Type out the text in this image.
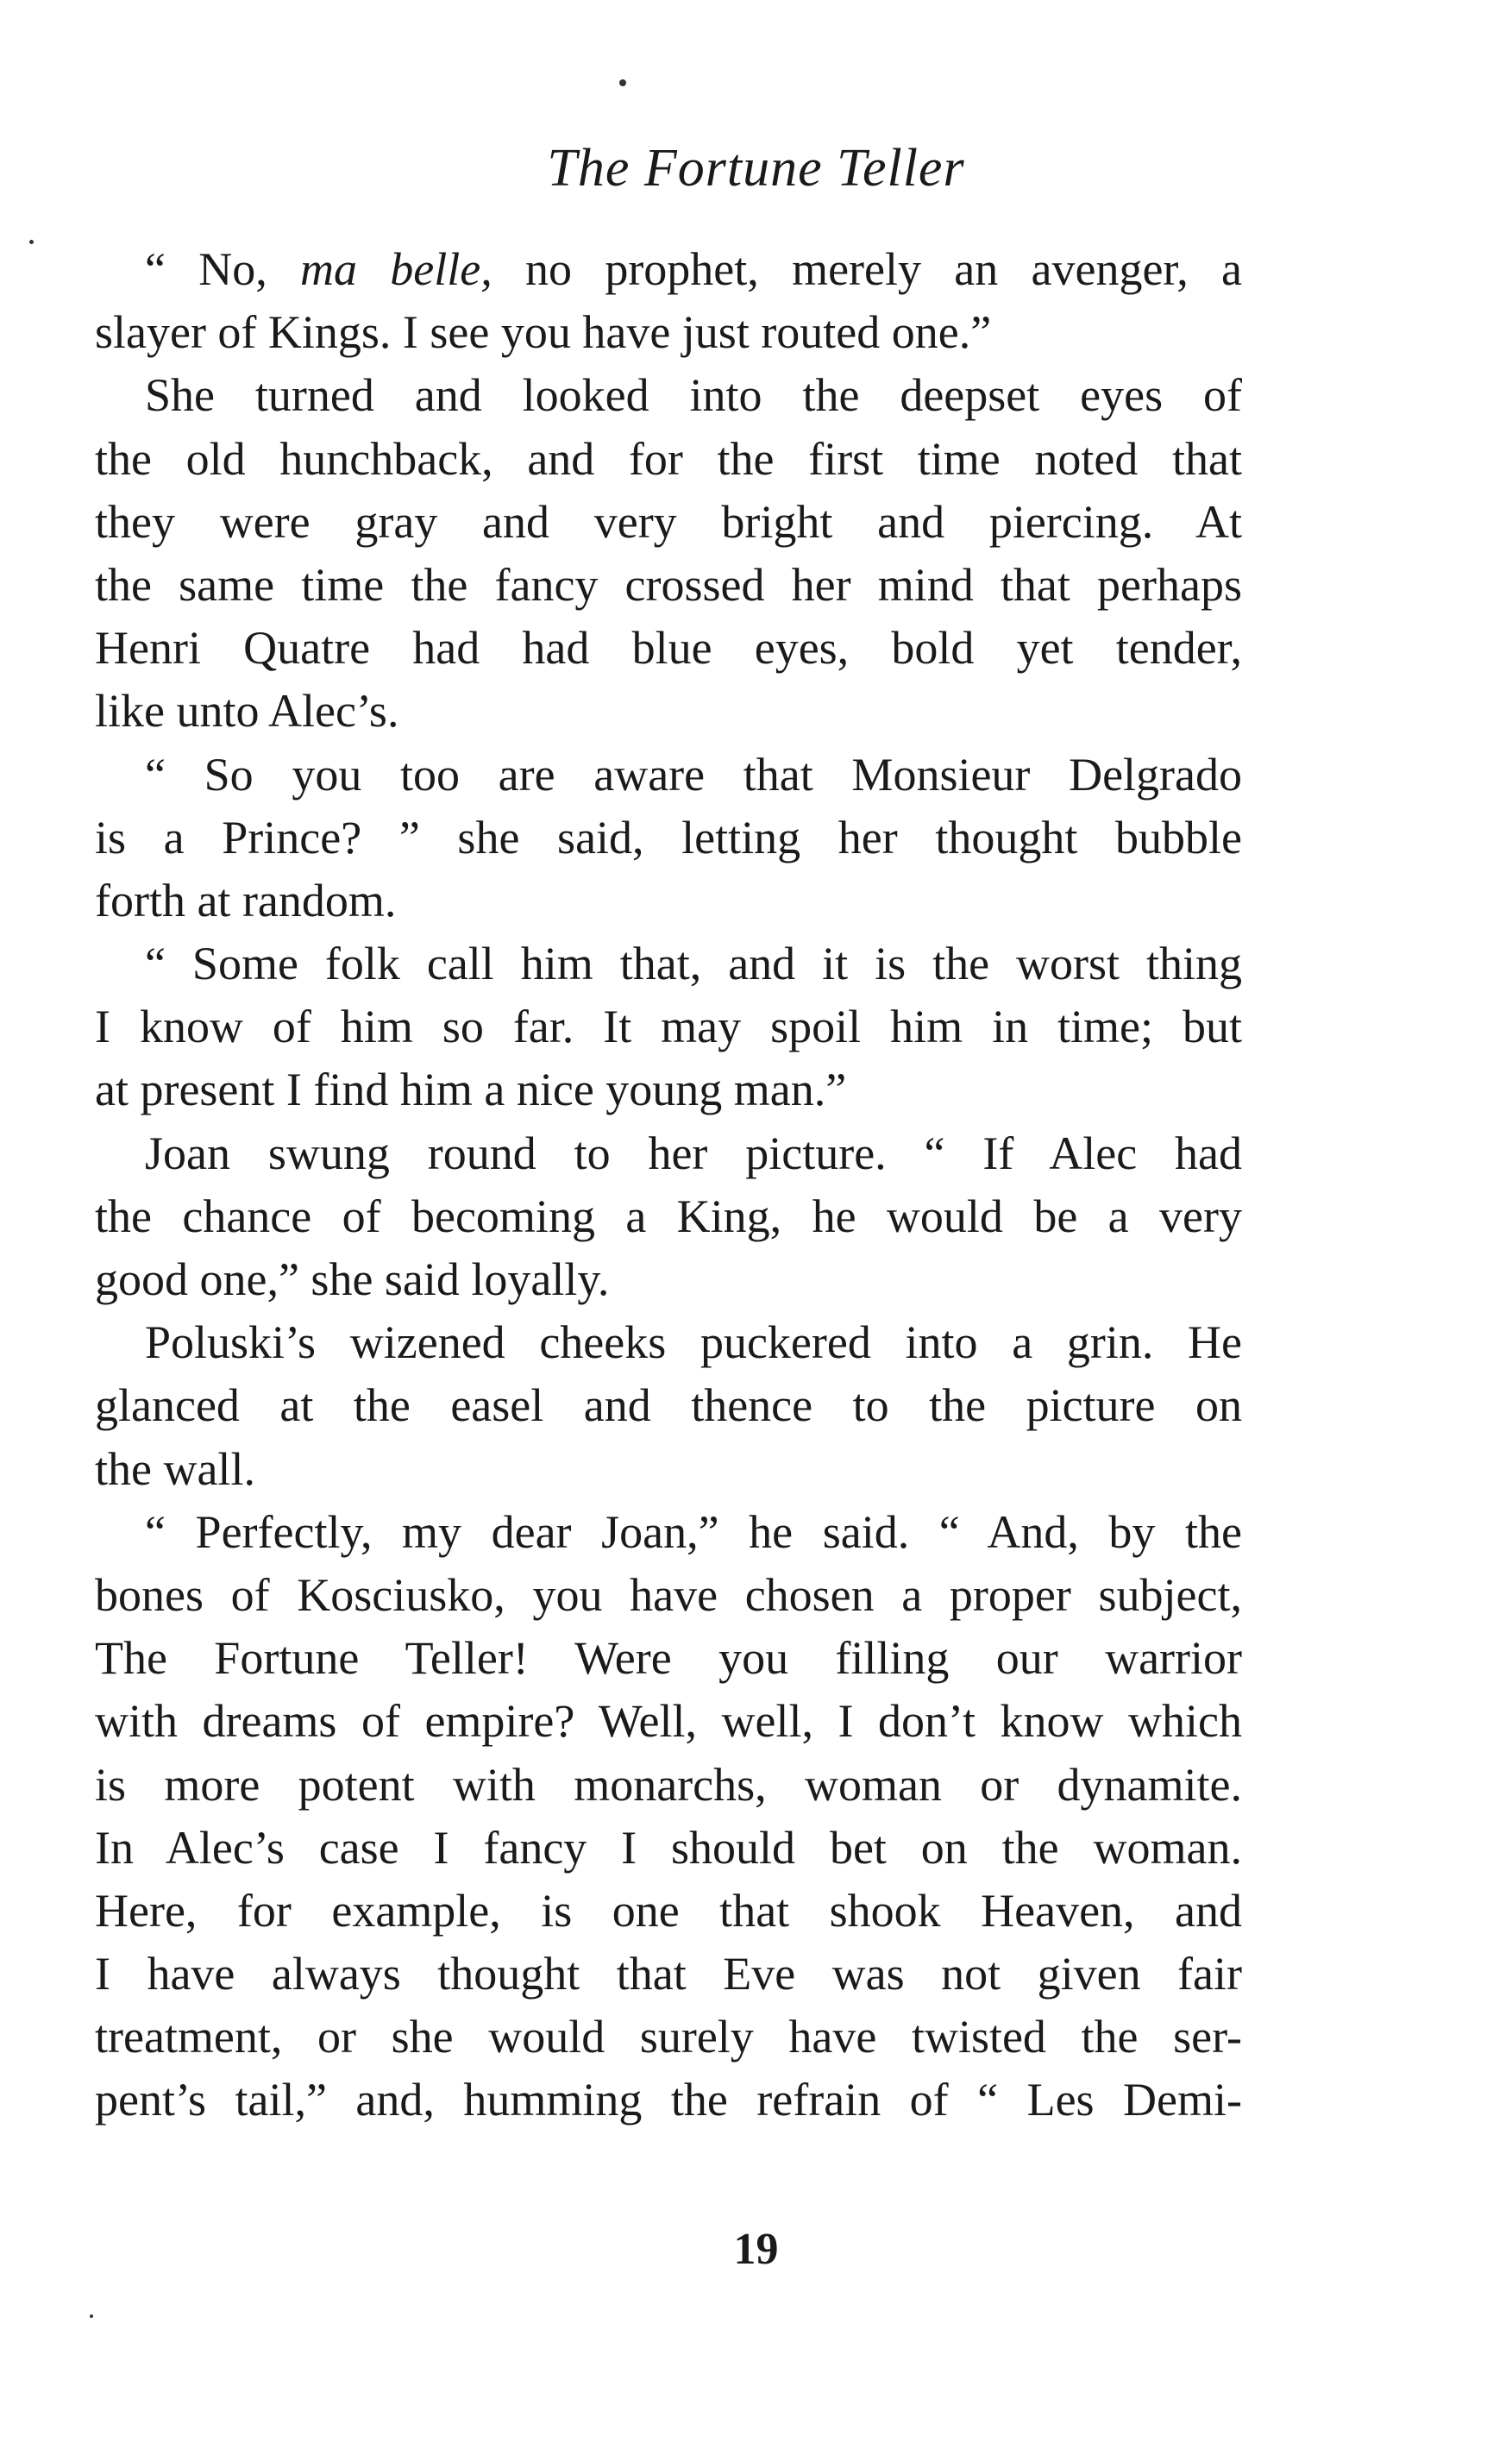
The Fortune Teller
“ No, ma belle, no prophet, merely an avenger, a
slayer of Kings. I see you have just routed one.”
She turned and looked into the deepset eyes of
the old hunchback, and for the first time noted that
they were gray and very bright and piercing. At
the same time the fancy crossed her mind that perhaps
Henri Quatre had had blue eyes, bold yet tender,
like unto Alec’s.
“ So you too are aware that Monsieur Delgrado
is a Prince? ” she said, letting her thought bubble
forth at random.
“ Some folk call him that, and it is the worst thing
I know of him so far. It may spoil him in time; but
at present I find him a nice young man.”
Joan swung round to her picture. “ If Alec had
the chance of becoming a King, he would be a very
good one,” she said loyally.
Poluski’s wizened cheeks puckered into a grin. He
glanced at the easel and thence to the picture on
the wall.
“ Perfectly, my dear Joan,” he said. “ And, by the
bones of Kosciusko, you have chosen a proper subject,
The Fortune Teller! Were you filling our warrior
with dreams of empire? Well, well, I don’t know which
is more potent with monarchs, woman or dynamite.
In Alec’s case I fancy I should bet on the woman.
Here, for example, is one that shook Heaven, and
I have always thought that Eve was not given fair
treatment, or she would surely have twisted the ser-
pent’s tail,” and, humming the refrain of “ Les Demi-
19
